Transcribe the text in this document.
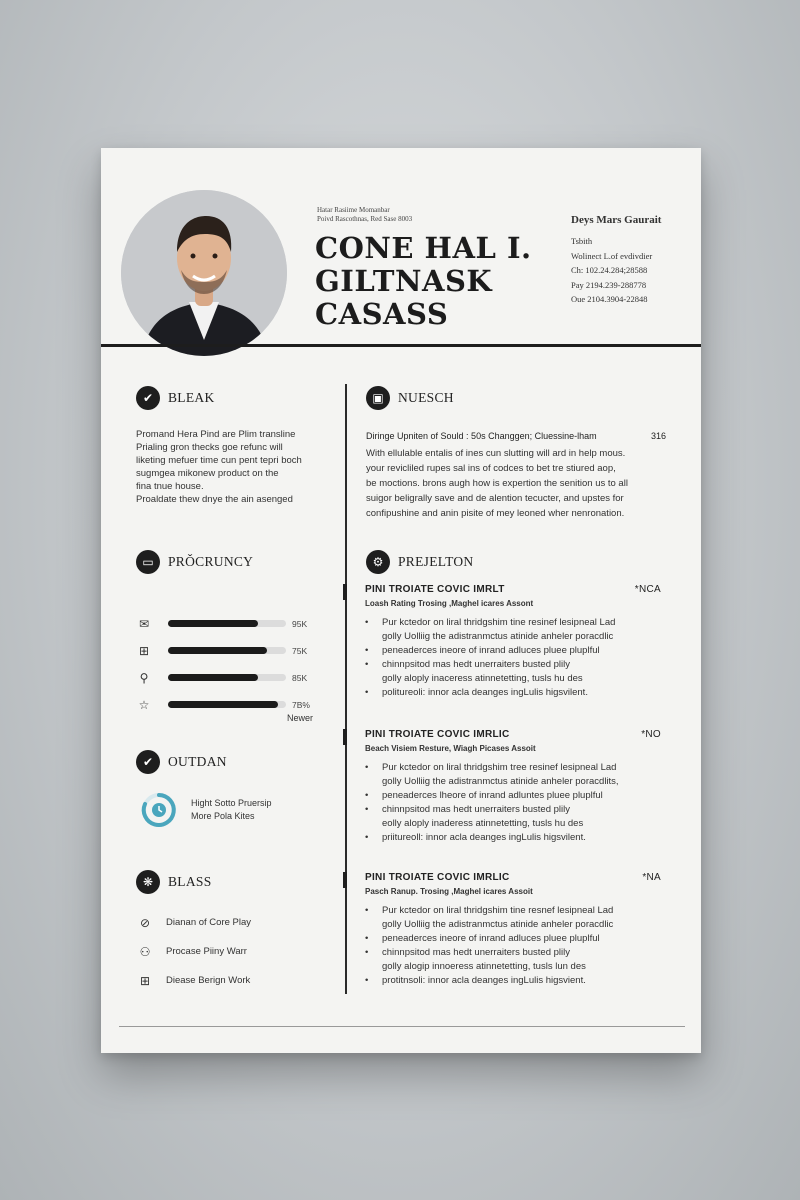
Hatar Rasiime Momanbar
Poivd Rascothnas, Red Sase 8003
CONE HAL I.
GILTNASK
CASASS
Deys Mars Gaurait
Tsbith
Wolinect L.of evdivdier
Ch: 102.24.284;28588
Pay 2194.239-288778
Oue 2104.3904-22848
✔	BLEAK
Promand Hera Pind are Plim transline
Prialing gron thecks goe refunc will
liketing mefuer time cun pent tepri boch
sugmgea mikonew product on the
fina tnue house.
Proaldate thew dnye the ain asenged
▭	PRǑCRUNCY
✉	95K
⊞	75K
⚲	85K
☆	7B%
Newer
✔	OUTDAN
Hight Sotto Pruersip
More Pola Kites
❋	BLASS
⊘	Dianan of Core Play
⚇	Procase Piiny Warr
⊞	Diease Berign Work
▣	NUESCH
Diringe Upniten of Sould : 50s Changgen; Cluessine-lham	316
With ellulable entalis of ines cun slutting will ard in help mous.
your revicliled rupes sal ins of codces to bet tre stiured aop,
be moctions. brons augh how is expertion the senition us to all
suigor beligrally save and de alention tecucter, and upstes for
confipushine and anin pisite of mey leoned wher nenronation.
⚙	PREJELTON
PINI TROIATE COVIC IMRLT	*NCA
Loash Rating Trosing ,Maghel icares Assont
• Pur kctedor on liral thridgshim tine resinef lesipneal Lad
golly Uolliig the adistranmctus atinide anheler poracdlic
• peneaderces ineore of inrand adluces pluee pluplful
• chinnpsitod mas hedt unerraiters busted plily
golly aloply inaceress atinnetetting, tusls hu des
• politureoli: innor acla deanges ingLulis higsvilent.
PINI TROIATE COVIC IMRLIC	*NO
Beach Visiem Resture, Wiagh Picases Assoit
• Pur kctedor on liral thridgshim tree resinef lesipneal Lad
golly Uolliig the adistranmctus atinide anheler poracdlits,
• peneaderces lheore of inrand adluntes pluee pluplful
• chinnpsitod mas hedt unerraiters busted plily
eolly aloply inaderess atinnetetting, tusls hu des
• priitureoll: innor acla deanges ingLulis higsvilent.
PINI TROIATE COVIC IMRLIC	*NA
Pasch Ranup. Trosing ,Maghel icares Assoit
• Pur kctedor on liral thridgshim tine resnef lesipneal Lad
golly Uolliig the adistranmctus atinide anheler poracdlic
• peneaderces ineore of inrand adluces pluee pluplful
• chinnpsitod mas hedt unerraiters busted plily
golly alogip innoeress atinnetetting, tusls lun des
• protitnsoli: innor acla deanges ingLulis higsvient.
